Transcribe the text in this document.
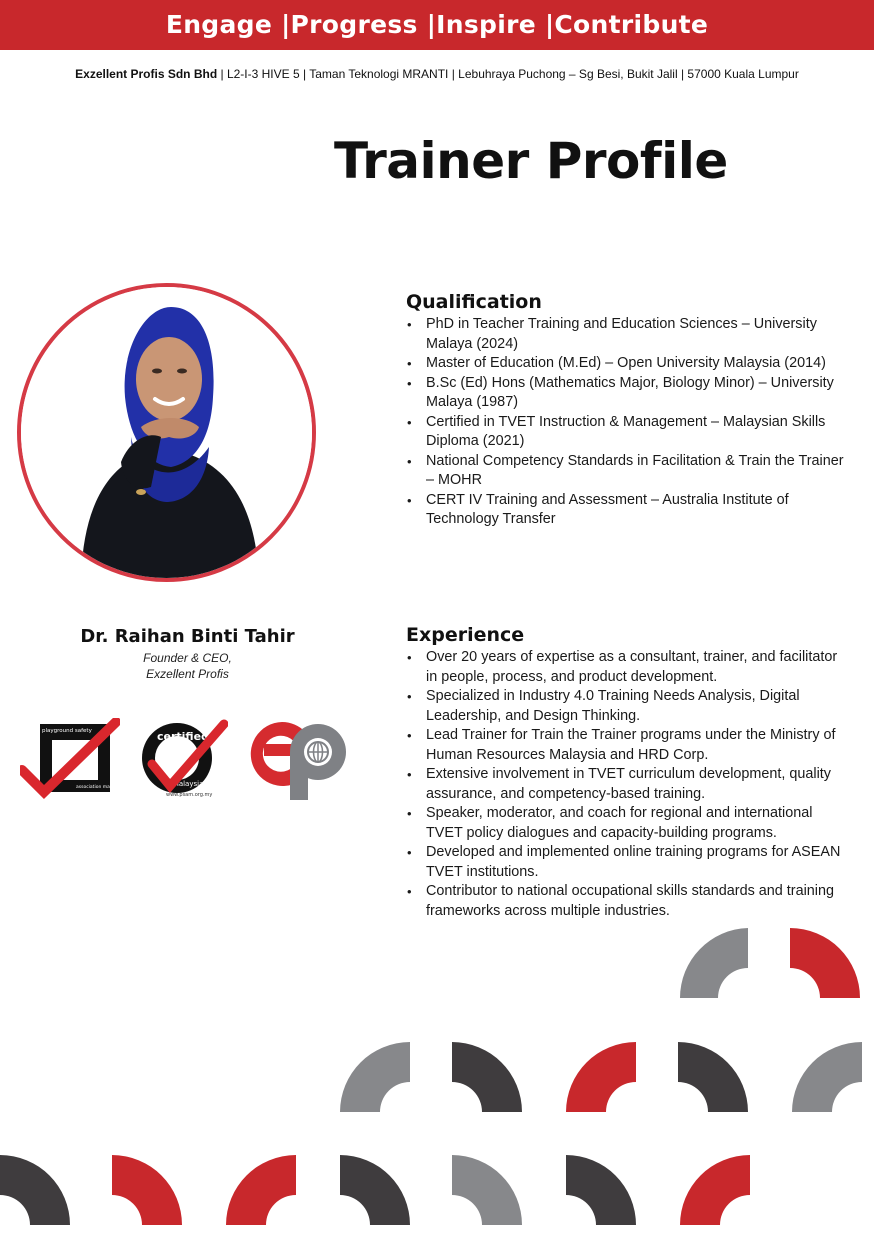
Engage |Progress |Inspire |Contribute
Exzellent Profis Sdn Bhd | L2-I-3 HIVE 5 | Taman Teknologi MRANTI | Lebuhraya Puchong – Sg Besi, Bukit Jalil | 57000 Kuala Lumpur
Trainer Profile
Dr. Raihan Binti Tahir
Founder & CEO,
Exzellent Profis
playground safety
association malaysia
certified
malaysia
www.psam.org.my
Qualification
• PhD in Teacher Training and Education Sciences – University Malaya (2024)
• Master of Education (M.Ed) – Open University Malaysia (2014)
• B.Sc (Ed) Hons (Mathematics Major, Biology Minor) – University Malaya (1987)
• Certified in TVET Instruction & Management – Malaysian Skills Diploma (2021)
• National Competency Standards in Facilitation & Train the Trainer – MOHR
• CERT IV Training and Assessment – Australia Institute of Technology Transfer
Experience
• Over 20 years of expertise as a consultant, trainer, and facilitator in people, process, and product development.
• Specialized in Industry 4.0 Training Needs Analysis, Digital Leadership, and Design Thinking.
• Lead Trainer for Train the Trainer programs under the Ministry of Human Resources Malaysia and HRD Corp.
• Extensive involvement in TVET curriculum development, quality assurance, and competency-based training.
• Speaker, moderator, and coach for regional and international TVET policy dialogues and capacity-building programs.
• Developed and implemented online training programs for ASEAN TVET institutions.
• Contributor to national occupational skills standards and training frameworks across multiple industries.
